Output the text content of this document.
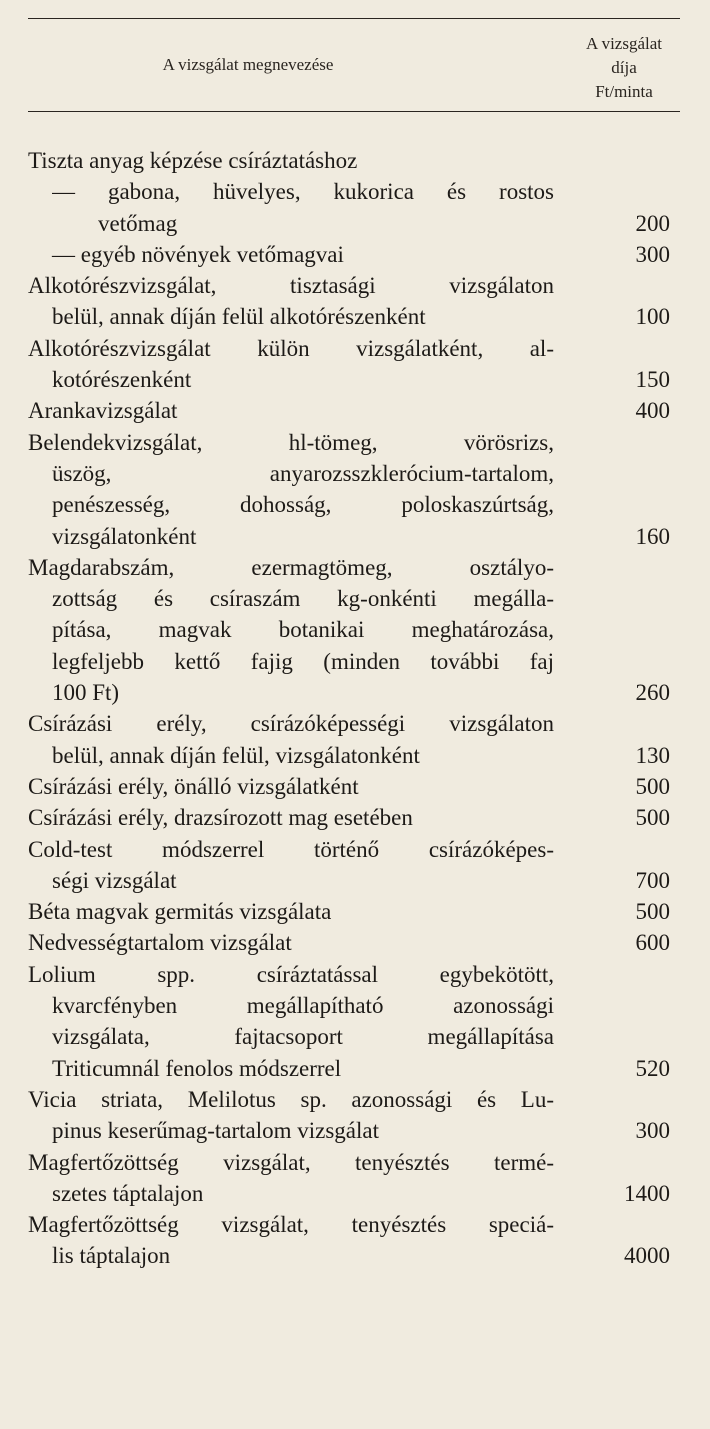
A vizsgálat megnevezése
A vizsgálat
díja
Ft/minta
Tiszta anyag képzése csíráztatáshoz
— gabona, hüvelyes, kukorica és rostos
vetőmag	200
— egyéb növények vetőmagvai	300
Alkotórészvizsgálat, tisztasági vizsgálaton
belül, annak díján felül alkotórészenként	100
Alkotórészvizsgálat külön vizsgálatként, al-
kotórészenként	150
Arankavizsgálat	400
Belendekvizsgálat, hl-tömeg, vörösrizs,
üszög, anyarozsszklerócium-tartalom,
penészesség, dohosság, poloskaszúrtság,
vizsgálatonként	160
Magdarabszám, ezermagtömeg, osztályo-
zottság és csíraszám kg-onkénti megálla-
pítása, magvak botanikai meghatározása,
legfeljebb kettő fajig (minden további faj
100 Ft)	260
Csírázási erély, csírázóképességi vizsgálaton
belül, annak díján felül, vizsgálatonként	130
Csírázási erély, önálló vizsgálatként	500
Csírázási erély, drazsírozott mag esetében	500
Cold-test módszerrel történő csírázóképes-
ségi vizsgálat	700
Béta magvak germitás vizsgálata	500
Nedvességtartalom vizsgálat	600
Lolium spp. csíráztatással egybekötött,
kvarcfényben megállapítható azonossági
vizsgálata, fajtacsoport megállapítása
Triticumnál fenolos módszerrel	520
Vicia striata, Melilotus sp. azonossági és Lu-
pinus keserűmag-tartalom vizsgálat	300
Magfertőzöttség vizsgálat, tenyésztés termé-
szetes táptalajon	1400
Magfertőzöttség vizsgálat, tenyésztés speciá-
lis táptalajon	4000
